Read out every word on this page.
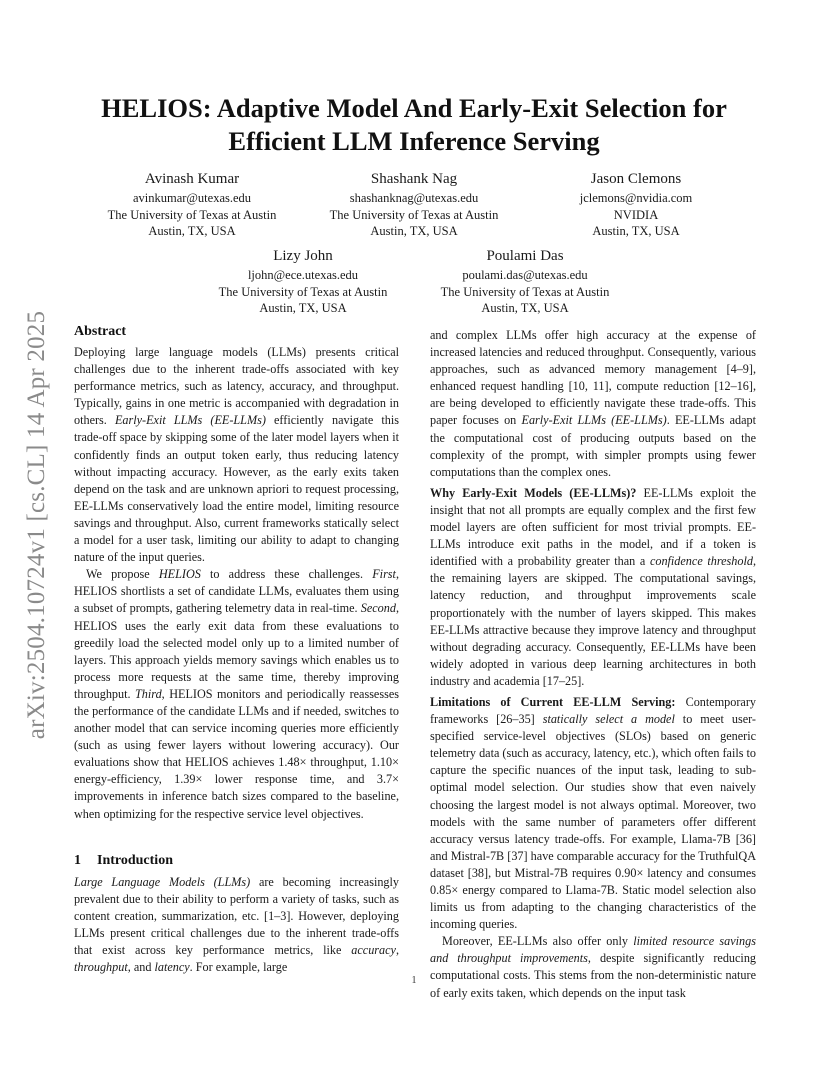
arXiv:2504.10724v1 [cs.CL] 14 Apr 2025
HELIOS: Adaptive Model And Early-Exit Selection for
Efficient LLM Inference Serving
Avinash Kumar
avinkumar@utexas.edu
The University of Texas at Austin
Austin, TX, USA
Shashank Nag
shashanknag@utexas.edu
The University of Texas at Austin
Austin, TX, USA
Jason Clemons
jclemons@nvidia.com
NVIDIA
Austin, TX, USA
Lizy John
ljohn@ece.utexas.edu
The University of Texas at Austin
Austin, TX, USA
Poulami Das
poulami.das@utexas.edu
The University of Texas at Austin
Austin, TX, USA
Abstract

Deploying large language models (LLMs) presents critical challenges due to the inherent trade-offs associated with key performance metrics, such as latency, accuracy, and throughput. Typically, gains in one metric is accompanied with degradation in others. Early-Exit LLMs (EE-LLMs) efficiently navigate this trade-off space by skipping some of the later model layers when it confidently finds an output token early, thus reducing latency without impacting accuracy. However, as the early exits taken depend on the task and are unknown apriori to request processing, EE-LLMs conservatively load the entire model, limiting resource savings and throughput. Also, current frameworks statically select a model for a user task, limiting our ability to adapt to changing nature of the input queries.

We propose HELIOS to address these challenges. First, HELIOS shortlists a set of candidate LLMs, evaluates them using a subset of prompts, gathering telemetry data in real-time. Second, HELIOS uses the early exit data from these evaluations to greedily load the selected model only up to a limited number of layers. This approach yields memory savings which enables us to process more requests at the same time, thereby improving throughput. Third, HELIOS monitors and periodically reassesses the performance of the candidate LLMs and if needed, switches to another model that can service incoming queries more efficiently (such as using fewer layers without lowering accuracy). Our evaluations show that HELIOS achieves 1.48× throughput, 1.10× energy-efficiency, 1.39× lower response time, and 3.7× improvements in inference batch sizes compared to the baseline, when optimizing for the respective service level objectives.

1 Introduction

Large Language Models (LLMs) are becoming increasingly prevalent due to their ability to perform a variety of tasks, such as content creation, summarization, etc. [1–3]. However, deploying LLMs present critical challenges due to the inherent trade-offs that exist across key performance metrics, like accuracy, throughput, and latency. For example, large

and complex LLMs offer high accuracy at the expense of increased latencies and reduced throughput. Consequently, various approaches, such as advanced memory management [4–9], enhanced request handling [10, 11], compute reduction [12–16], are being developed to efficiently navigate these trade-offs. This paper focuses on Early-Exit LLMs (EE-LLMs). EE-LLMs adapt the computational cost of producing outputs based on the complexity of the prompt, with simpler prompts using fewer computations than the complex ones.

Why Early-Exit Models (EE-LLMs)? EE-LLMs exploit the insight that not all prompts are equally complex and the first few model layers are often sufficient for most trivial prompts. EE-LLMs introduce exit paths in the model, and if a token is identified with a probability greater than a confidence threshold, the remaining layers are skipped. The computational savings, latency reduction, and throughput improvements scale proportionately with the number of layers skipped. This makes EE-LLMs attractive because they improve latency and throughput without degrading accuracy. Consequently, EE-LLMs have been widely adopted in various deep learning architectures in both industry and academia [17–25].

Limitations of Current EE-LLM Serving: Contemporary frameworks [26–35] statically select a model to meet user-specified service-level objectives (SLOs) based on generic telemetry data (such as accuracy, latency, etc.), which often fails to capture the specific nuances of the input task, leading to sub-optimal model selection. Our studies show that even naively choosing the largest model is not always optimal. Moreover, two models with the same number of parameters offer different accuracy versus latency trade-offs. For example, Llama-7B [36] and Mistral-7B [37] have comparable accuracy for the TruthfulQA dataset [38], but Mistral-7B requires 0.90× latency and consumes 0.85× energy compared to Llama-7B. Static model selection also limits us from adapting to the changing characteristics of the incoming queries.

Moreover, EE-LLMs also offer only limited resource savings and throughput improvements, despite significantly reducing computational costs. This stems from the non-deterministic nature of early exits taken, which depends on the input task

1
